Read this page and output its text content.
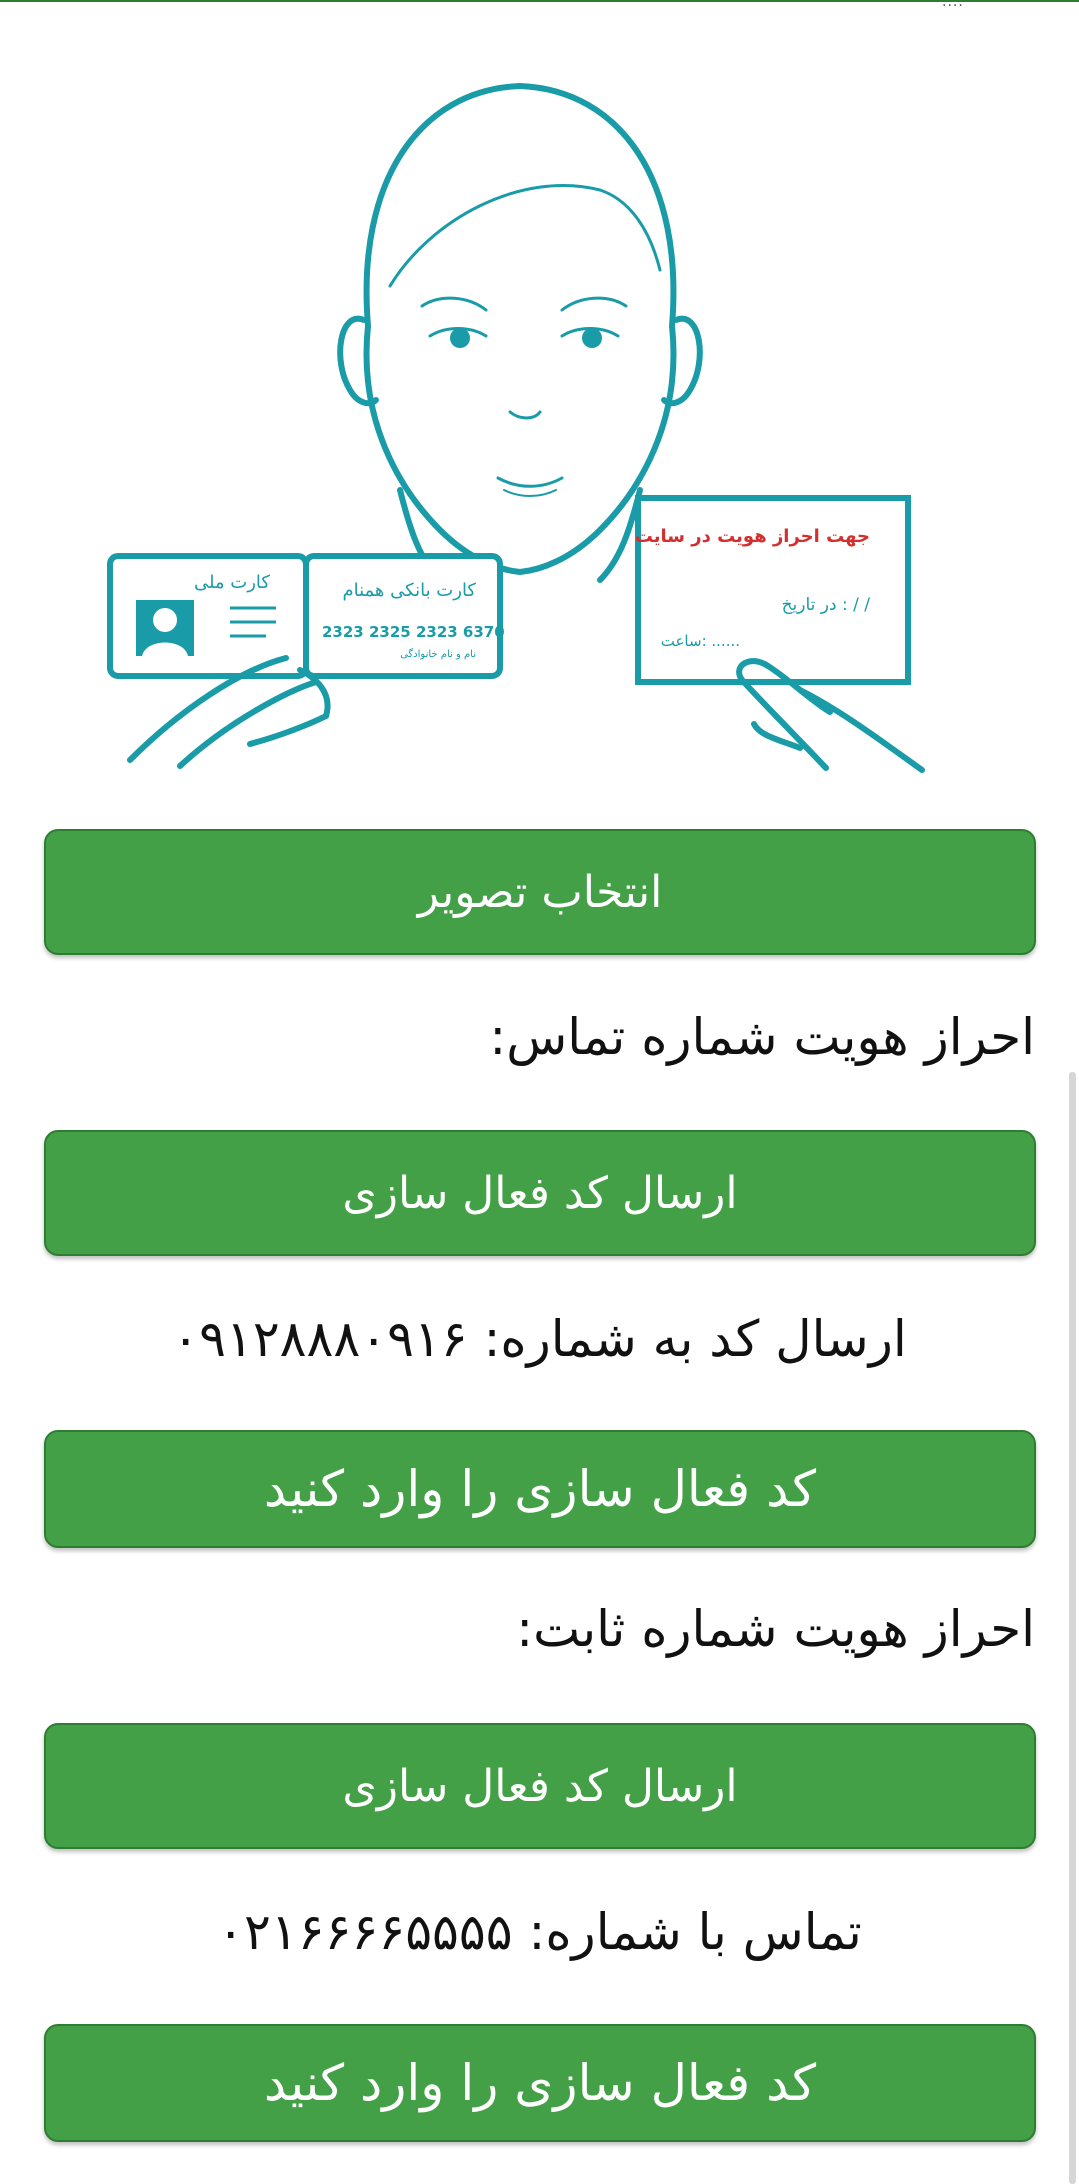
....
کارت ملی	کارت بانکی همنام
2323 2325 2323 6370
نام و نام خانوادگی
جهت احراز هویت در سایت
در تاریخ : / /
ساعت: ......
انتخاب تصویر
احراز هویت شماره تماس:
ارسال کد فعال سازی
ارسال کد به شماره: ۰۹۱۲۸۸۸۰۹۱۶
کد فعال سازی را وارد کنید
احراز هویت شماره ثابت:
ارسال کد فعال سازی
تماس با شماره: ۰۲۱۶۶۶۶۵۵۵۵
کد فعال سازی را وارد کنید
